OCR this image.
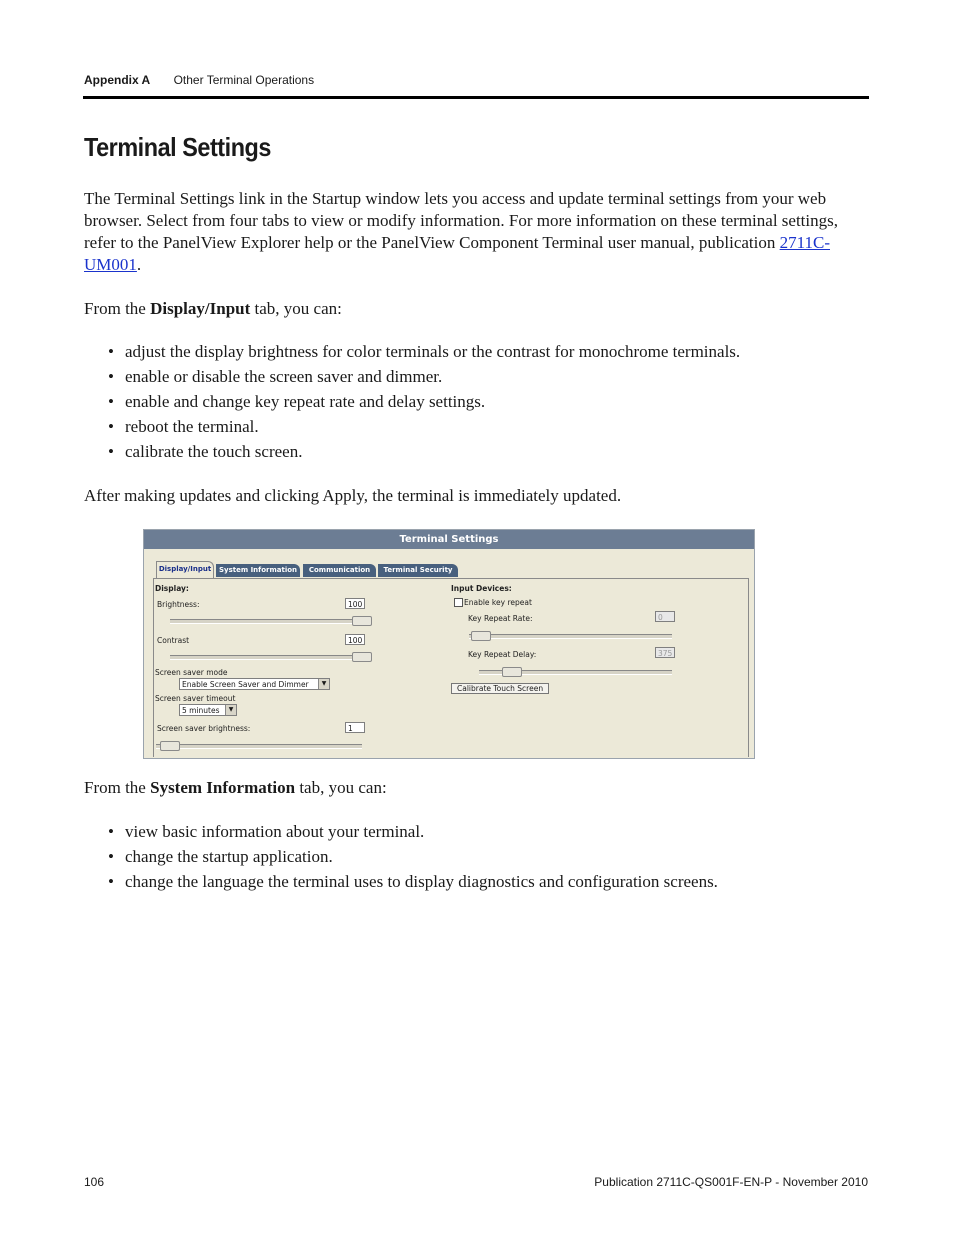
Appendix A Other Terminal Operations
Terminal Settings

The Terminal Settings link in the Startup window lets you access and update terminal settings from your web browser. Select from four tabs to view or modify information. For more information on these terminal settings, refer to the PanelView Explorer help or the PanelView Component Terminal user manual, publication 2711C-UM001.

From the Display/Input tab, you can:

• adjust the display brightness for color terminals or the contrast for monochrome terminals.
• enable or disable the screen saver and dimmer.
• enable and change key repeat rate and delay settings.
• reboot the terminal.
• calibrate the touch screen.

After making updates and clicking Apply, the terminal is immediately updated.

Terminal Settings
Display/Input	System Information	Communication	Terminal Security
Display:
Brightness:	100
Contrast	100
Screen saver mode
Enable Screen Saver and Dimmer	▼
Screen saver timeout
5 minutes	▼
Screen saver brightness:	1
Input Devices:
Enable key repeat
Key Repeat Rate:	0
Key Repeat Delay:	375
Calibrate Touch Screen

From the System Information tab, you can:

• view basic information about your terminal.
• change the startup application.
• change the language the terminal uses to display diagnostics and configuration screens.
106	Publication 2711C-QS001F-EN-P - November 2010
